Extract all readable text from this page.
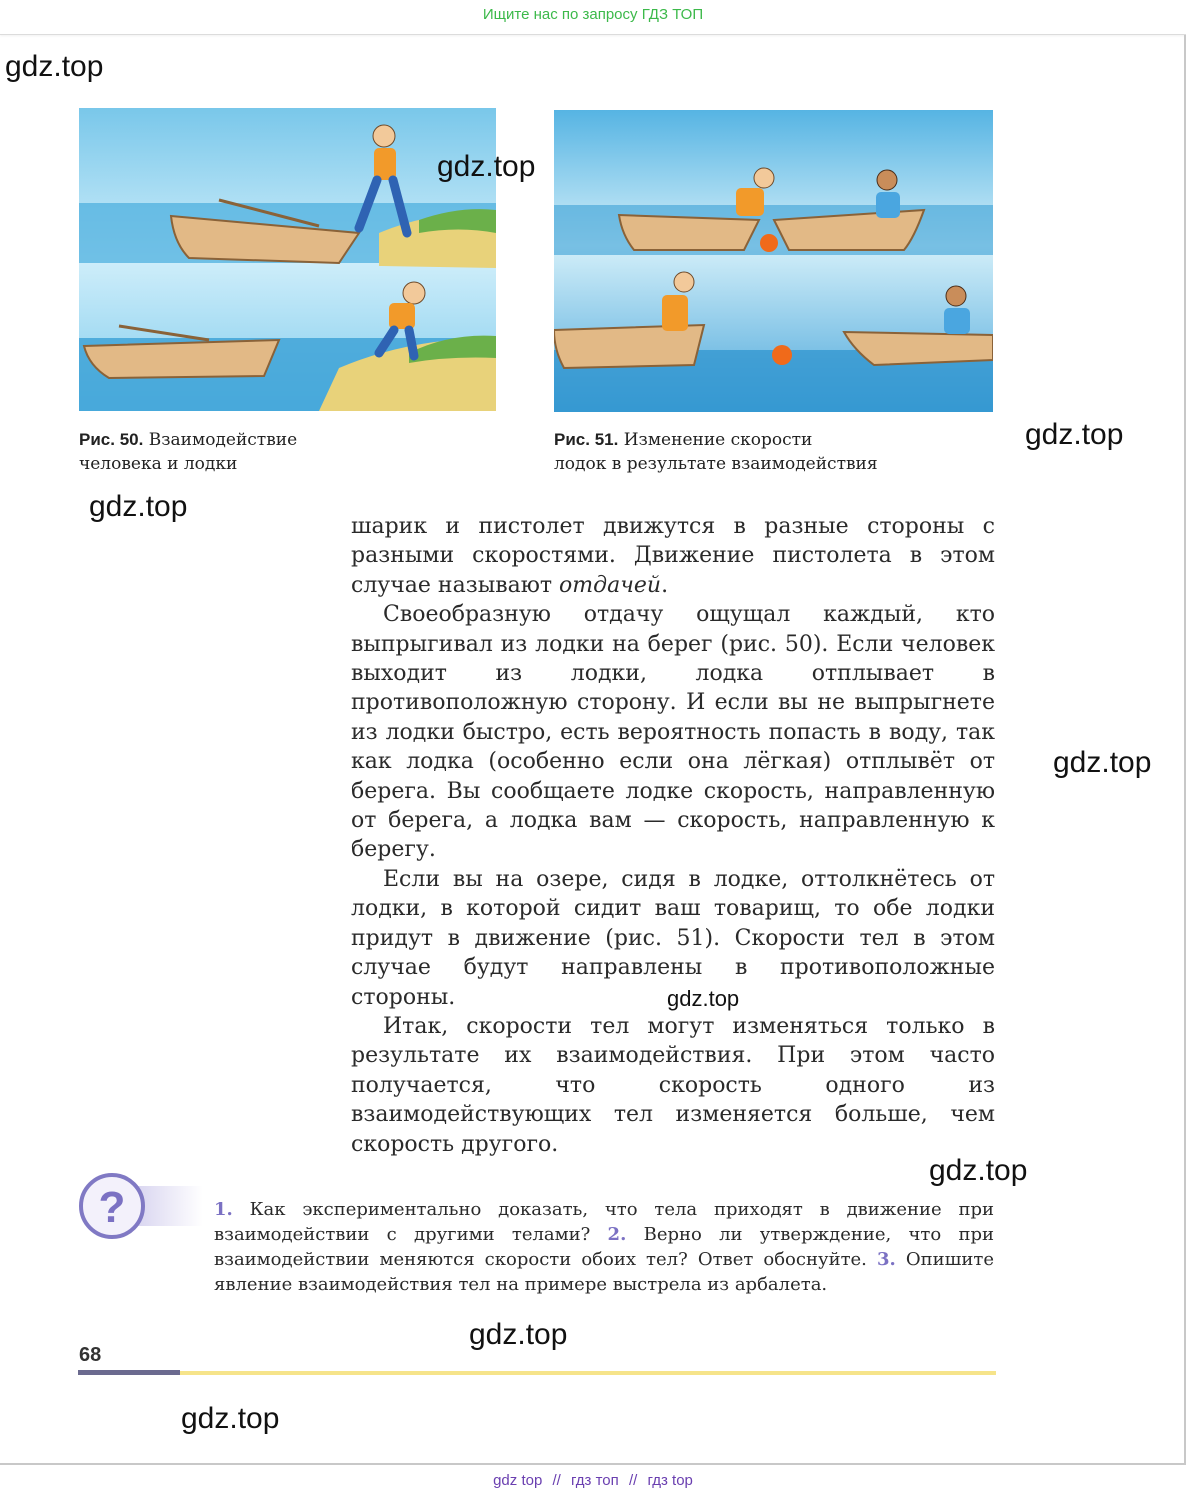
Ищите нас по запросу ГДЗ ТОП
Рис. 50. Взаимодействие
человека и лодки
Рис. 51. Изменение скорости
лодок в результате взаимодействия

шарик и пистолет движутся в разные стороны с разными скоростями. Движение пистолета в этом случае называют отдачей.

Своеобразную отдачу ощущал каждый, кто выпрыгивал из лодки на берег (рис. 50). Если человек выходит из лодки, лодка отплывает в противоположную сторону. И если вы не выпрыгнете из лодки быстро, есть вероятность попасть в воду, так как лодка (особенно если она лёгкая) отплывёт от берега. Вы сообщаете лодке скорость, направленную от берега, а лодка вам — скорость, направленную к берегу.

Если вы на озере, сидя в лодке, оттолкнётесь от лодки, в которой сидит ваш товарищ, то обе лодки придут в движение (рис. 51). Скорости тел в этом случае будут направлены в противоположные стороны.

Итак, скорости тел могут изменяться только в результате их взаимодействия. При этом часто получается, что скорость одного из взаимодействующих тел изменяется больше, чем скорость другого.

?	1. Как экспериментально доказать, что тела приходят в движение при взаимодействии с другими телами? 2. Верно ли утверждение, что при взаимодействии меняются скорости обоих тел? Ответ обоснуйте. 3. Опишите явление взаимодействия тел на примере выстрела из арбалета.
68
gdz.top
gdz.top
gdz.top
gdz.top
gdz.top
gdz.top
gdz.top
gdz.top
gdz.top
gdz top // гдз топ // гдз top
